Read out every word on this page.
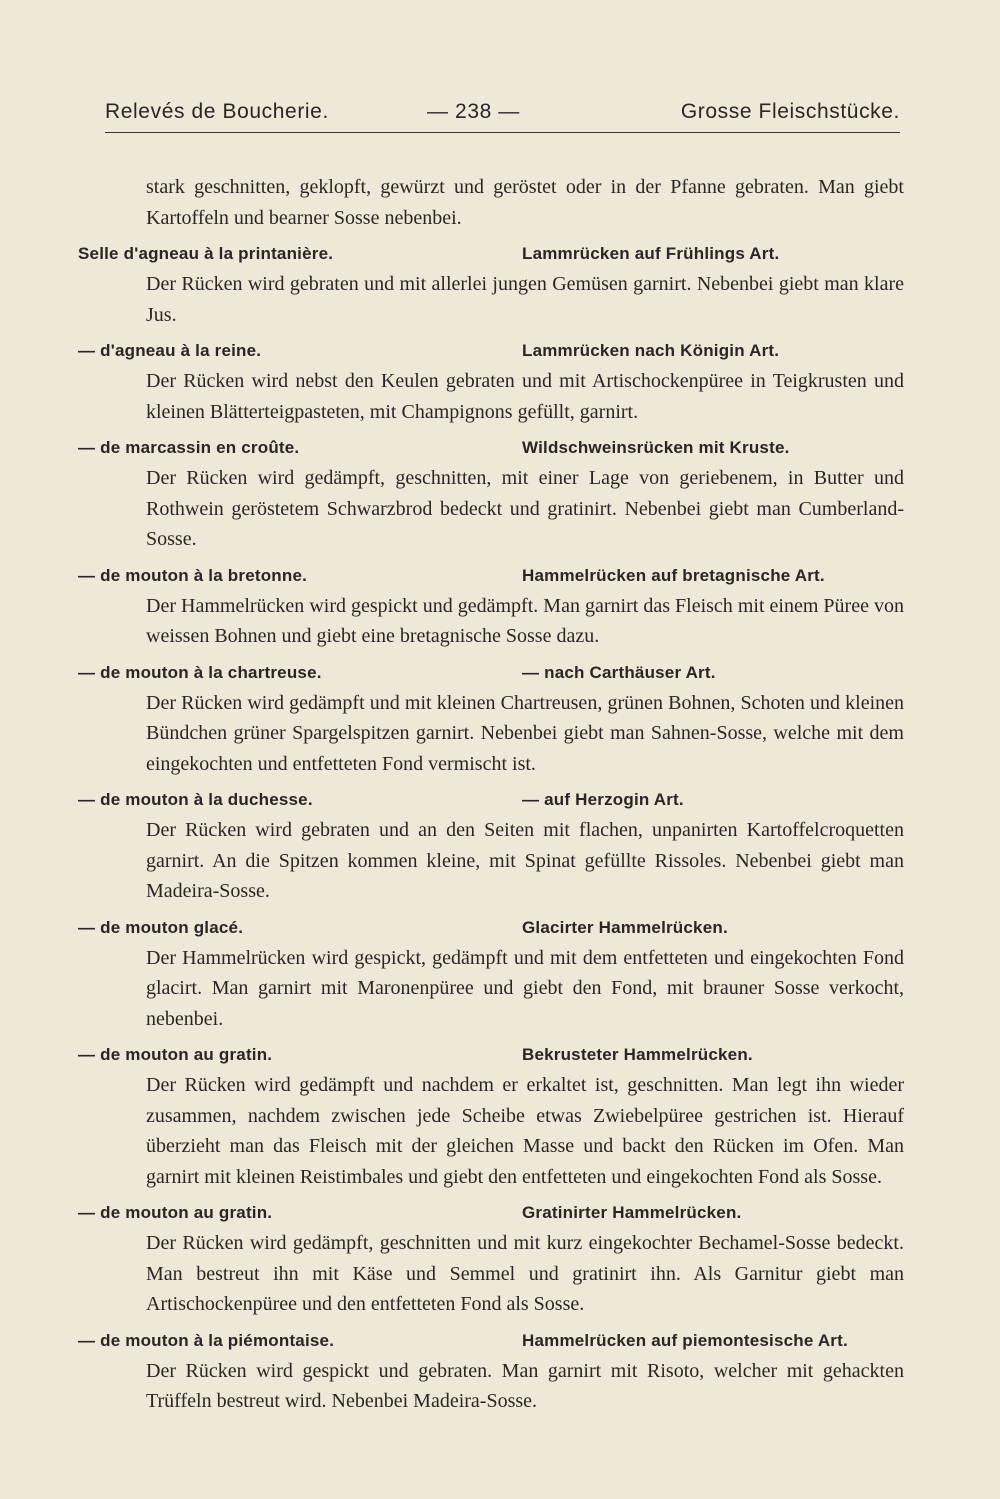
Relevés de Boucherie.	— 238 —	Grosse Fleischstücke.

stark geschnitten, geklopft, gewürzt und geröstet oder in der Pfanne gebraten. Man giebt Kartoffeln und bearner Sosse nebenbei.

Selle d'agneau à la printanière.	Lammrücken auf Frühlings Art.

Der Rücken wird gebraten und mit allerlei jungen Gemüsen garnirt. Nebenbei giebt man klare Jus.

— d'agneau à la reine.	Lammrücken nach Königin Art.

Der Rücken wird nebst den Keulen gebraten und mit Artischockenpüree in Teigkrusten und kleinen Blätterteigpasteten, mit Champignons gefüllt, garnirt.

— de marcassin en croûte.	Wildschweinsrücken mit Kruste.

Der Rücken wird gedämpft, geschnitten, mit einer Lage von geriebenem, in Butter und Rothwein geröstetem Schwarzbrod bedeckt und gratinirt. Nebenbei giebt man Cumberland-Sosse.

— de mouton à la bretonne.	Hammelrücken auf bretagnische Art.

Der Hammelrücken wird gespickt und gedämpft. Man garnirt das Fleisch mit einem Püree von weissen Bohnen und giebt eine bretagnische Sosse dazu.

— de mouton à la chartreuse.	— nach Carthäuser Art.

Der Rücken wird gedämpft und mit kleinen Chartreusen, grünen Bohnen, Schoten und kleinen Bündchen grüner Spargelspitzen garnirt. Nebenbei giebt man Sahnen-Sosse, welche mit dem eingekochten und entfetteten Fond vermischt ist.

— de mouton à la duchesse.	— auf Herzogin Art.

Der Rücken wird gebraten und an den Seiten mit flachen, unpanirten Kartoffelcroquetten garnirt. An die Spitzen kommen kleine, mit Spinat gefüllte Rissoles. Nebenbei giebt man Madeira-Sosse.

— de mouton glacé.	Glacirter Hammelrücken.

Der Hammelrücken wird gespickt, gedämpft und mit dem entfetteten und eingekochten Fond glacirt. Man garnirt mit Maronenpüree und giebt den Fond, mit brauner Sosse verkocht, nebenbei.

— de mouton au gratin.	Bekrusteter Hammelrücken.

Der Rücken wird gedämpft und nachdem er erkaltet ist, geschnitten. Man legt ihn wieder zusammen, nachdem zwischen jede Scheibe etwas Zwiebelpüree gestrichen ist. Hierauf überzieht man das Fleisch mit der gleichen Masse und backt den Rücken im Ofen. Man garnirt mit kleinen Reistimbales und giebt den entfetteten und eingekochten Fond als Sosse.

— de mouton au gratin.	Gratinirter Hammelrücken.

Der Rücken wird gedämpft, geschnitten und mit kurz eingekochter Bechamel-Sosse bedeckt. Man bestreut ihn mit Käse und Semmel und gratinirt ihn. Als Garnitur giebt man Artischockenpüree und den entfetteten Fond als Sosse.

— de mouton à la piémontaise.	Hammelrücken auf piemontesische Art.

Der Rücken wird gespickt und gebraten. Man garnirt mit Risoto, welcher mit gehackten Trüffeln bestreut wird. Nebenbei Madeira-Sosse.
